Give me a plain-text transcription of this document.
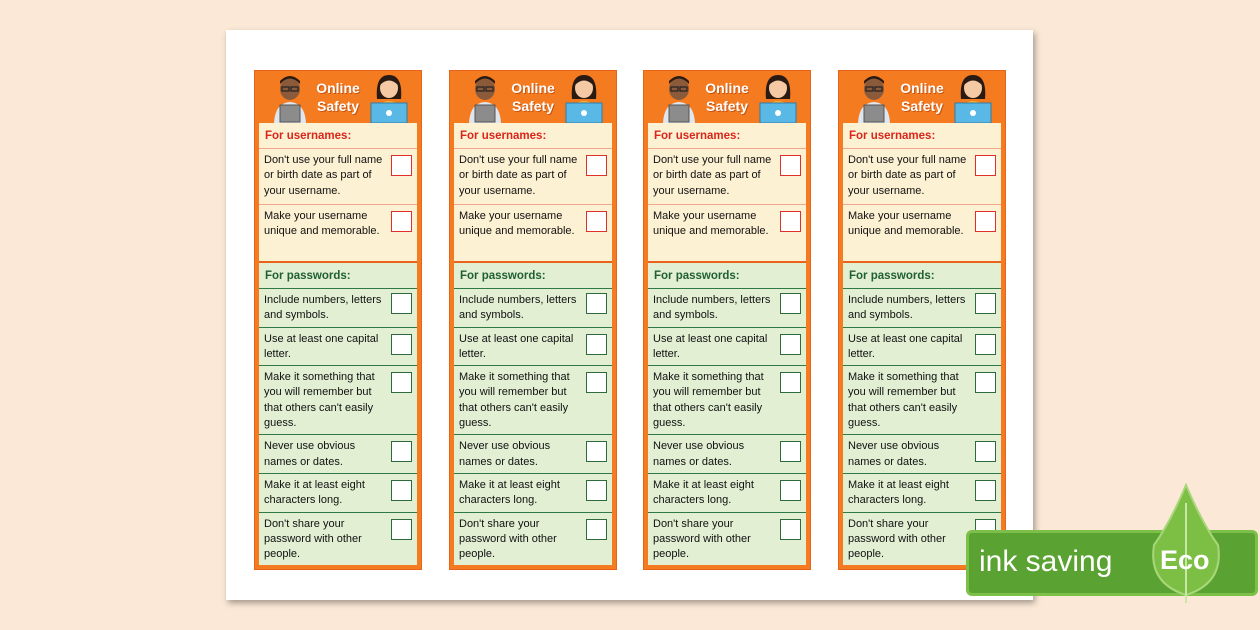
Online
Safety
For usernames:
Don't use your full name or birth date as part of your username.
Make your username unique and memorable.
For passwords:
Include numbers, letters and symbols.
Use at least one capital letter.
Make it something that you will remember but that others can't easily guess.
Never use obvious names or dates.
Make it at least eight characters long.
Don't share your password with other people.
Online
Safety
For usernames:
Don't use your full name or birth date as part of your username.
Make your username unique and memorable.
For passwords:
Include numbers, letters and symbols.
Use at least one capital letter.
Make it something that you will remember but that others can't easily guess.
Never use obvious names or dates.
Make it at least eight characters long.
Don't share your password with other people.
Online
Safety
For usernames:
Don't use your full name or birth date as part of your username.
Make your username unique and memorable.
For passwords:
Include numbers, letters and symbols.
Use at least one capital letter.
Make it something that you will remember but that others can't easily guess.
Never use obvious names or dates.
Make it at least eight characters long.
Don't share your password with other people.
Online
Safety
For usernames:
Don't use your full name or birth date as part of your username.
Make your username unique and memorable.
For passwords:
Include numbers, letters and symbols.
Use at least one capital letter.
Make it something that you will remember but that others can't easily guess.
Never use obvious names or dates.
Make it at least eight characters long.
Don't share your password with other people.	ink saving Eco
